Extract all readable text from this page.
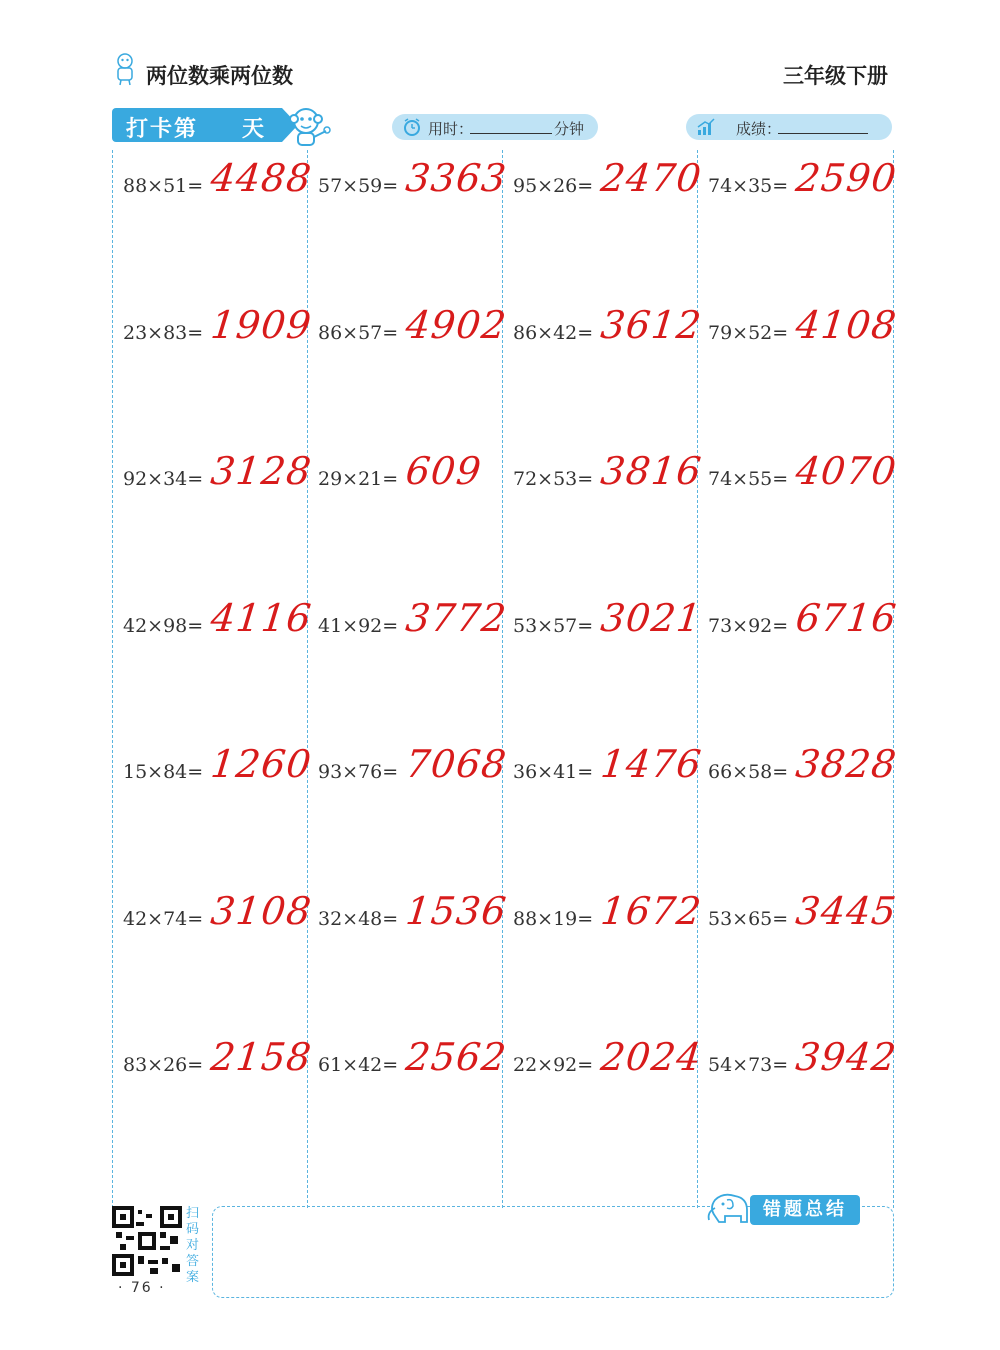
两位数乘两位数	三年级下册
打卡第 天	用时：	分钟	成绩：
88×51= 4488 57×59= 3363 95×26= 2470 74×35= 2590
23×83= 1909 86×57= 4902 86×42= 3612 79×52= 4108
92×34= 3128 29×21= 609 72×53= 3816 74×55= 4070
42×98= 4116 41×92= 3772 53×57= 3021 73×92= 6716
15×84= 1260 93×76= 7068 36×41= 1476 66×58= 3828
42×74= 3108 32×48= 1536 88×19= 1672 53×65= 3445
83×26= 2158 61×42= 2562 22×92= 2024 54×73= 3942
扫码对答案
· 76 ·
错题总结
